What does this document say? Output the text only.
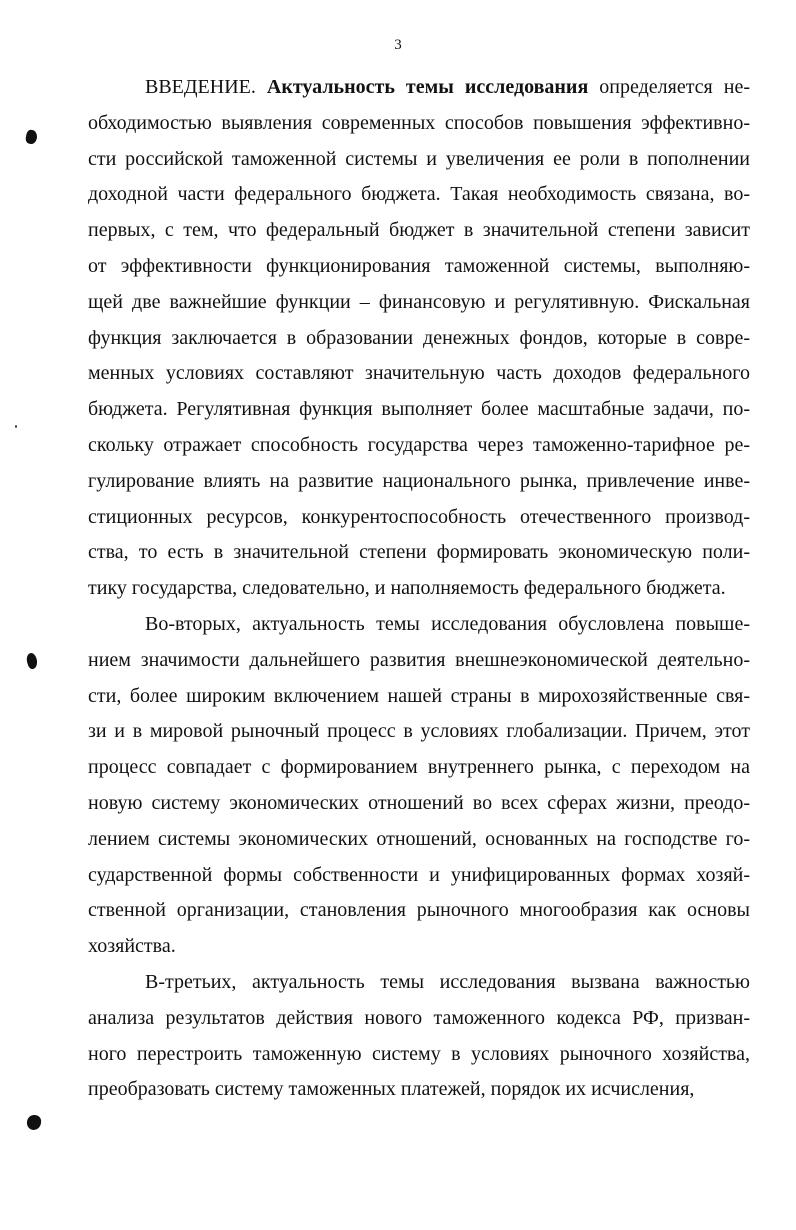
3
ВВЕДЕНИЕ. Актуальность темы исследования определяется не-
обходимостью выявления современных способов повышения эффективно-
сти российской таможенной системы и увеличения ее роли в пополнении
доходной части федерального бюджета. Такая необходимость связана, во-
первых, с тем, что федеральный бюджет в значительной степени зависит
от эффективности функционирования таможенной системы, выполняю-
щей две важнейшие функции – финансовую и регулятивную. Фискальная
функция заключается в образовании денежных фондов, которые в совре-
менных условиях составляют значительную часть доходов федерального
бюджета. Регулятивная функция выполняет более масштабные задачи, по-
скольку отражает способность государства через таможенно-тарифное ре-
гулирование влиять на развитие национального рынка, привлечение инве-
стиционных ресурсов, конкурентоспособность отечественного производ-
ства, то есть в значительной степени формировать экономическую поли-
тику государства, следовательно, и наполняемость федерального бюджета.
Во-вторых, актуальность темы исследования обусловлена повыше-
нием значимости дальнейшего развития внешнеэкономической деятельно-
сти, более широким включением нашей страны в мирохозяйственные свя-
зи и в мировой рыночный процесс в условиях глобализации. Причем, этот
процесс совпадает с формированием внутреннего рынка, с переходом на
новую систему экономических отношений во всех сферах жизни, преодо-
лением системы экономических отношений, основанных на господстве го-
сударственной формы собственности и унифицированных формах хозяй-
ственной организации, становления рыночного многообразия как основы
хозяйства.
В-третьих, актуальность темы исследования вызвана важностью
анализа результатов действия нового таможенного кодекса РФ, призван-
ного перестроить таможенную систему в условиях рыночного хозяйства,
преобразовать систему таможенных платежей, порядок их исчисления,
